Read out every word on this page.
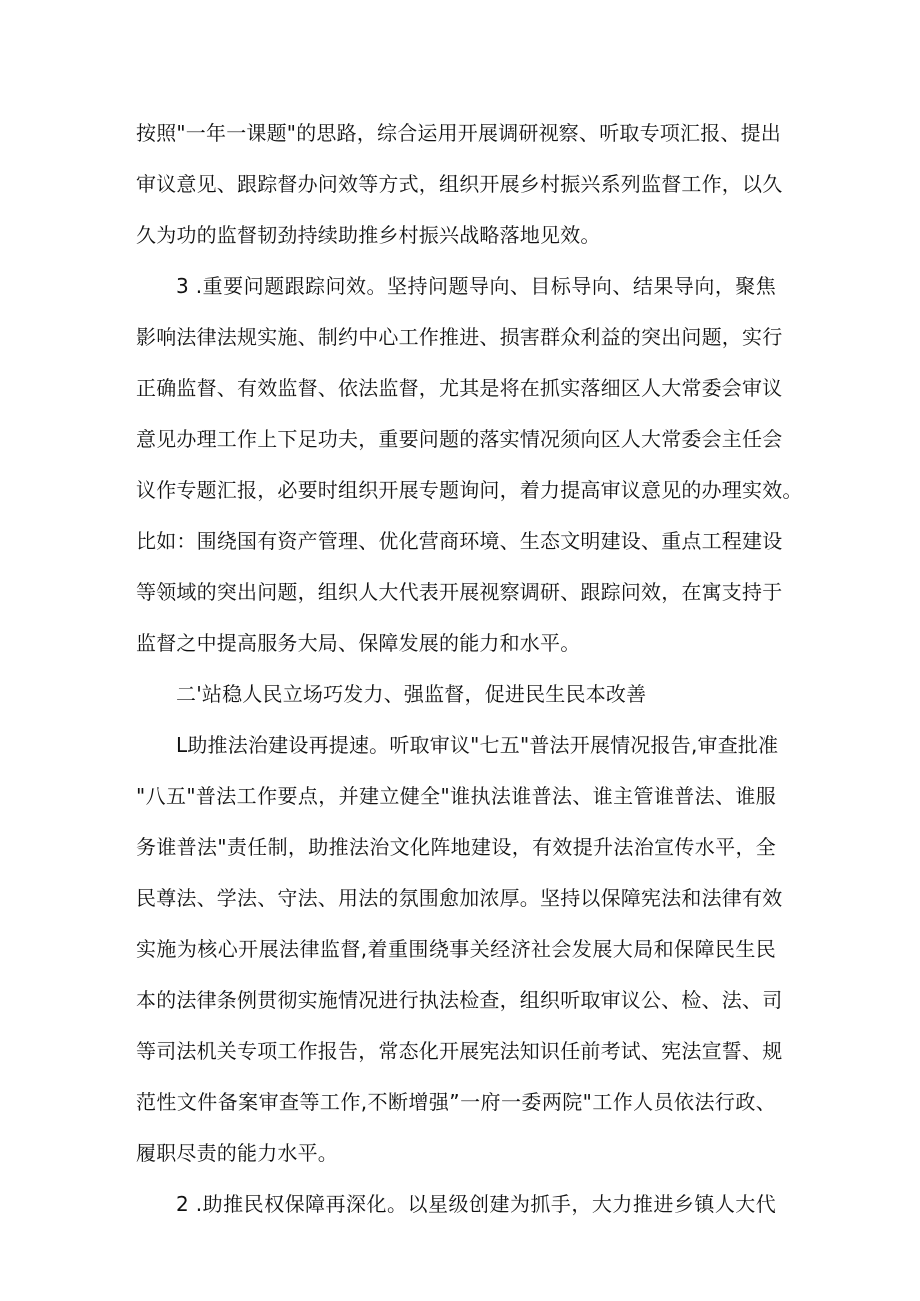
按照"一年一课题"的思路，综合运用开展调研视察、听取专项汇报、提出
审议意见、跟踪督办问效等方式，组织开展乡村振兴系列监督工作，以久
久为功的监督韧劲持续助推乡村振兴战略落地见效。
3 .重要问题跟踪问效。坚持问题导向、目标导向、结果导向，聚焦
影响法律法规实施、制约中心工作推进、损害群众利益的突出问题，实行
正确监督、有效监督、依法监督，尤其是将在抓实落细区人大常委会审议
意见办理工作上下足功夫，重要问题的落实情况须向区人大常委会主任会
议作专题汇报，必要时组织开展专题询问，着力提高审议意见的办理实效。
比如：围绕国有资产管理、优化营商环境、生态文明建设、重点工程建设
等领域的突出问题，组织人大代表开展视察调研、跟踪问效，在寓支持于
监督之中提高服务大局、保障发展的能力和水平。
二'站稳人民立场巧发力、强监督，促进民生民本改善
L助推法治建设再提速。听取审议"七五"普法开展情况报告,审查批准
"八五"普法工作要点，并建立健全"谁执法谁普法、谁主管谁普法、谁服
务谁普法"责任制，助推法治文化阵地建设，有效提升法治宣传水平，全
民尊法、学法、守法、用法的氛围愈加浓厚。坚持以保障宪法和法律有效
实施为核心开展法律监督,着重围绕事关经济社会发展大局和保障民生民
本的法律条例贯彻实施情况进行执法检查，组织听取审议公、检、法、司
等司法机关专项工作报告，常态化开展宪法知识任前考试、宪法宣誓、规
范性文件备案审查等工作,不断增强”一府一委两院"工作人员依法行政、
履职尽责的能力水平。
2 .助推民权保障再深化。以星级创建为抓手，大力推进乡镇人大代
